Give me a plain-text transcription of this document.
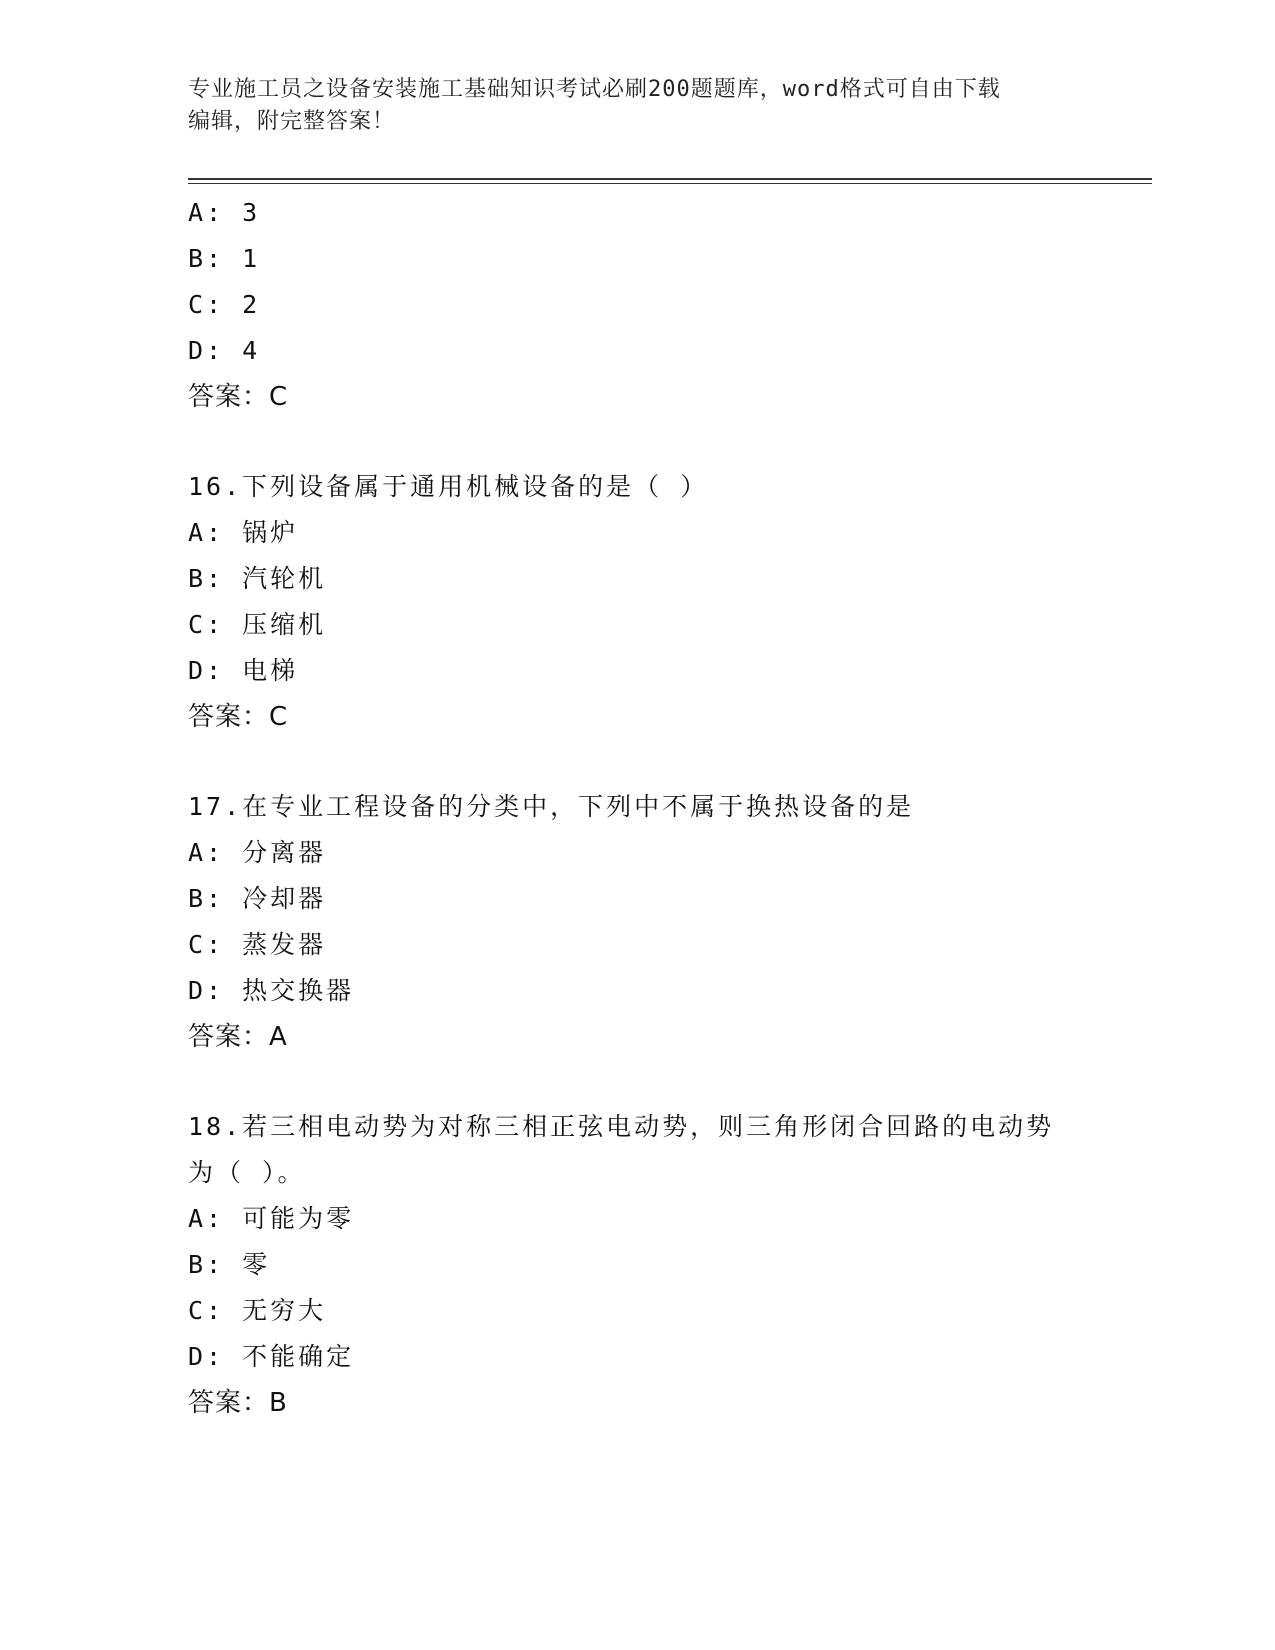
专业施工员之设备安装施工基础知识考试必刷200题题库，word格式可自由下载
编辑，附完整答案！
A: 3
B: 1
C: 2
D: 4
答案：C
16.下列设备属于通用机械设备的是（ ）
A: 锅炉
B: 汽轮机
C: 压缩机
D: 电梯
答案：C
17.在专业工程设备的分类中，下列中不属于换热设备的是
A: 分离器
B: 冷却器
C: 蒸发器
D: 热交换器
答案：A
18.若三相电动势为对称三相正弦电动势，则三角形闭合回路的电动势
为（ ）。
A: 可能为零
B: 零
C: 无穷大
D: 不能确定
答案：B
